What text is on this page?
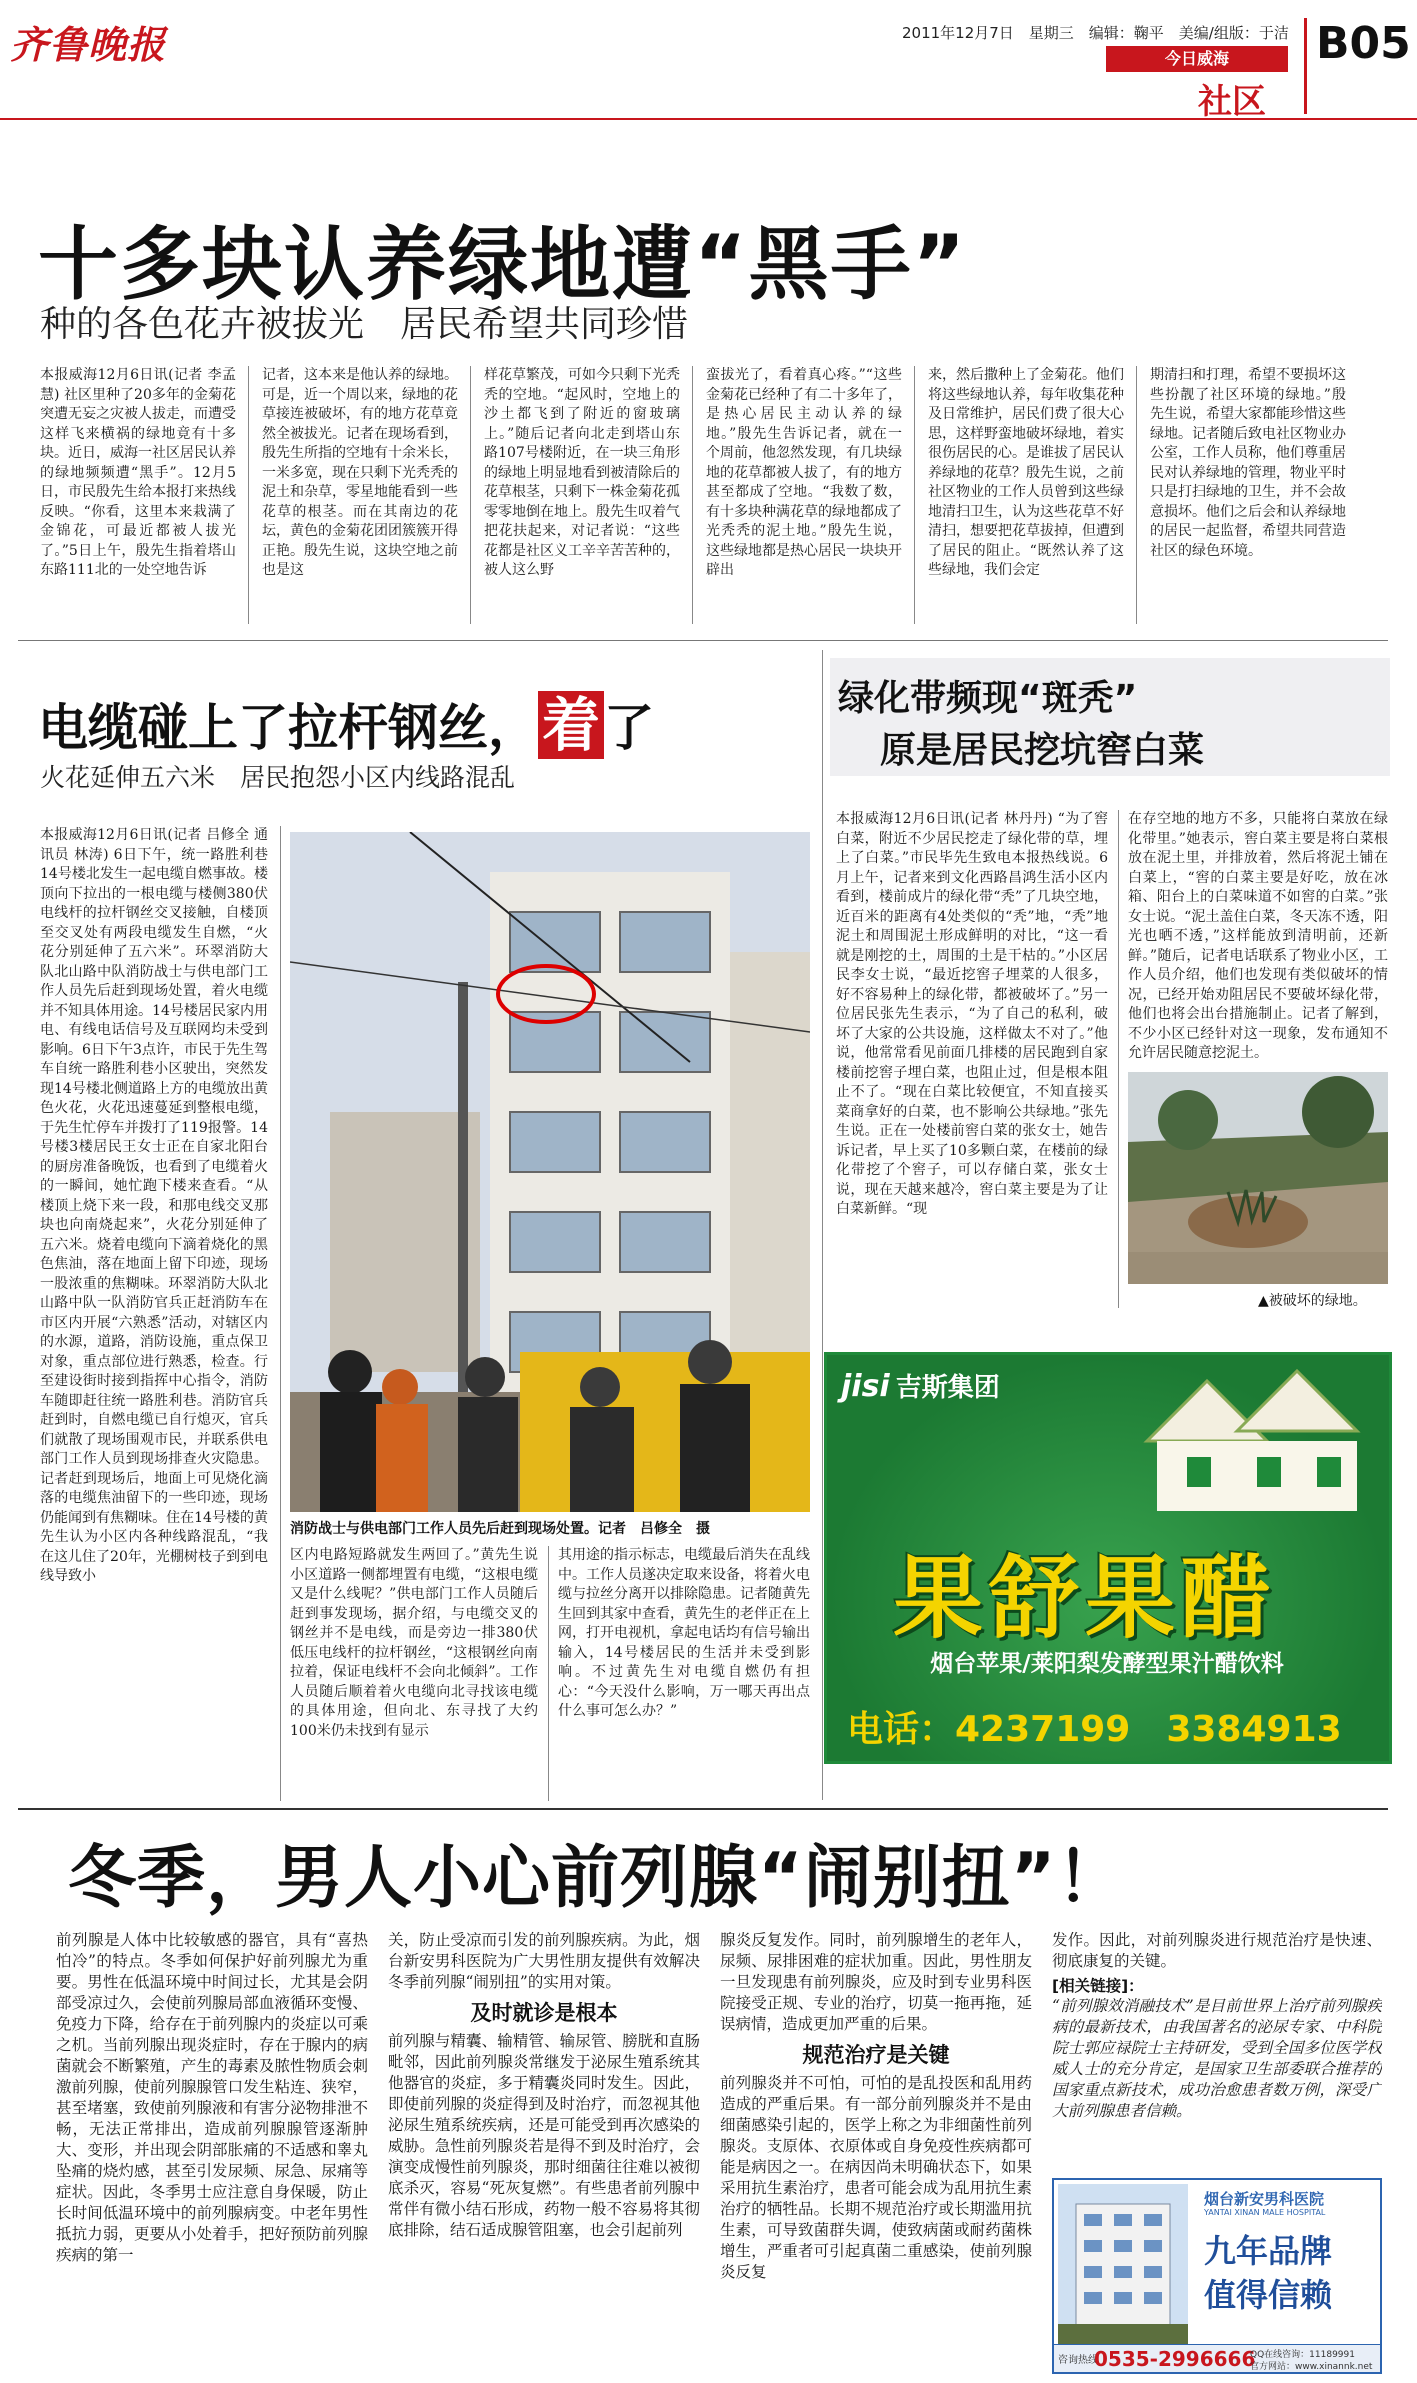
齐鲁晚报	2011年12月7日　星期三　编辑：鞠平　美编/组版：于洁
今日威海
社区
B05
十多块认养绿地遭“黑手”
种的各色花卉被拔光　居民希望共同珍惜
本报威海12月6日讯(记者 李孟慧) 社区里种了20多年的金菊花突遭无妄之灾被人拔走，而遭受这样飞来横祸的绿地竟有十多块。近日，威海一社区居民认养的绿地频频遭“黑手”。12月5日，市民殷先生给本报打来热线反映。“你看，这里本来栽满了金锦花，可最近都被人拔光了。”5日上午，殷先生指着塔山东路111北的一处空地告诉
记者，这本来是他认养的绿地。可是，近一个周以来，绿地的花草接连被破坏，有的地方花草竟然全被拔光。记者在现场看到，殷先生所指的空地有十余米长，一米多宽，现在只剩下光秃秃的泥土和杂草，零星地能看到一些花草的根茎。而在其南边的花坛，黄色的金菊花团团簇簇开得正艳。殷先生说，这块空地之前也是这
样花草繁茂，可如今只剩下光秃秃的空地。“起风时，空地上的沙土都飞到了附近的窗玻璃上。”随后记者向北走到塔山东路107号楼附近，在一块三角形的绿地上明显地看到被清除后的花草根茎，只剩下一株金菊花孤零零地倒在地上。殷先生叹着气把花扶起来，对记者说：“这些花都是社区义工辛辛苦苦种的，被人这么野
蛮拔光了，看着真心疼。”“这些金菊花已经种了有二十多年了，是热心居民主动认养的绿地。”殷先生告诉记者，就在一个周前，他忽然发现，有几块绿地的花草都被人拔了，有的地方甚至都成了空地。“我数了数，有十多块种满花草的绿地都成了光秃秃的泥土地。”殷先生说，这些绿地都是热心居民一块块开辟出
来，然后撒种上了金菊花。他们将这些绿地认养，每年收集花种及日常维护，居民们费了很大心思，这样野蛮地破坏绿地，着实很伤居民的心。是谁拔了居民认养绿地的花草？殷先生说，之前社区物业的工作人员曾到这些绿地清扫卫生，认为这些花草不好清扫，想要把花草拔掉，但遭到了居民的阻止。“既然认养了这些绿地，我们会定
期清扫和打理，希望不要损坏这些扮靓了社区环境的绿地。”殷先生说，希望大家都能珍惜这些绿地。记者随后致电社区物业办公室，工作人员称，他们尊重居民对认养绿地的管理，物业平时只是打扫绿地的卫生，并不会故意损坏。他们之后会和认养绿地的居民一起监督，希望共同营造社区的绿色环境。
电缆碰上了拉杆钢丝，着了
火花延伸五六米　居民抱怨小区内线路混乱
本报威海12月6日讯(记者 吕修全 通讯员 林涛) 6日下午，统一路胜利巷14号楼北发生一起电缆自燃事故。楼顶向下拉出的一根电缆与楼侧380伏电线杆的拉杆钢丝交叉接触，自楼顶至交叉处有两段电缆发生自燃，“火花分别延伸了五六米”。环翠消防大队北山路中队消防战士与供电部门工作人员先后赶到现场处置，着火电缆并不知具体用途。14号楼居民家内用电、有线电话信号及互联网均未受到影响。6日下午3点许，市民于先生驾车自统一路胜利巷小区驶出，突然发现14号楼北侧道路上方的电缆放出黄色火花，火花迅速蔓延到整根电缆，于先生忙停车并拨打了119报警。14号楼3楼居民王女士正在自家北阳台的厨房准备晚饭，也看到了电缆着火的一瞬间，她忙跑下楼来查看。“从楼顶上烧下来一段，和那电线交叉那块也向南烧起来”，火花分别延伸了五六米。烧着电缆向下滴着烧化的黑色焦油，落在地面上留下印迹，现场一股浓重的焦糊味。环翠消防大队北山路中队一队消防官兵正赶消防车在市区内开展“六熟悉”活动，对辖区内的水源，道路，消防设施，重点保卫对象，重点部位进行熟悉，检查。行至建设街时接到指挥中心指令，消防车随即赶往统一路胜利巷。消防官兵赶到时，自燃电缆已自行熄灭，官兵们就散了现场围观市民，并联系供电部门工作人员到现场排查火灾隐患。记者赶到现场后，地面上可见烧化滴落的电缆焦油留下的一些印迹，现场仍能闻到有焦糊味。住在14号楼的黄先生认为小区内各种线路混乱，“我在这儿住了20年，光棚树枝子到到电线导致小
消防战士与供电部门工作人员先后赶到现场处置。记者　吕修全　摄
区内电路短路就发生两回了。”黄先生说小区道路一侧都埋置有电缆，“这根电缆又是什么线呢？”供电部门工作人员随后赶到事发现场，据介绍，与电缆交叉的钢丝并不是电线，而是旁边一排380伏低压电线杆的拉杆钢丝，“这根钢丝向南拉着，保证电线杆不会向北倾斜”。工作人员随后顺着着火电缆向北寻找该电缆的具体用途，但向北、东寻找了大约100米仍未找到有显示
其用途的指示标志，电缆最后消失在乱线中。工作人员遂决定取来设备，将着火电缆与拉丝分离开以排除隐患。记者随黄先生回到其家中查看，黄先生的老伴正在上网，打开电视机，拿起电话均有信号输出输入，14号楼居民的生活并未受到影响。不过黄先生对电缆自燃仍有担心：“今天没什么影响，万一哪天再出点什么事可怎么办？”
绿化带频现“斑秃”
原是居民挖坑窖白菜
本报威海12月6日讯(记者 林丹丹) “为了窖白菜，附近不少居民挖走了绿化带的草，埋上了白菜。”市民毕先生致电本报热线说。6月上午，记者来到文化西路昌鸿生活小区内看到，楼前成片的绿化带“秃”了几块空地，近百米的距离有4处类似的“秃”地，“秃”地泥土和周围泥土形成鲜明的对比，“这一看就是刚挖的土，周围的土是干枯的。”小区居民李女士说，“最近挖窖子埋菜的人很多，好不容易种上的绿化带，都被破坏了。”另一位居民张先生表示，“为了自己的私利，破坏了大家的公共设施，这样做太不对了。”他说，他常常看见前面几排楼的居民跑到自家楼前挖窖子埋白菜，也阻止过，但是根本阻止不了。“现在白菜比较便宜，不知直接买菜商拿好的白菜，也不影响公共绿地。”张先生说。正在一处楼前窖白菜的张女士，她告诉记者，早上买了10多颗白菜，在楼前的绿化带挖了个窖子，可以存储白菜，张女士说，现在天越来越冷，窖白菜主要是为了让白菜新鲜。“现
在存空地的地方不多，只能将白菜放在绿化带里。”她表示，窖白菜主要是将白菜根放在泥土里，并排放着，然后将泥土铺在白菜上，“窖的白菜主要是好吃，放在冰箱、阳台上的白菜味道不如窖的白菜。”张女士说。“泥土盖住白菜，冬天冻不透，阳光也晒不透，”这样能放到清明前，还新鲜。”随后，记者电话联系了物业小区，工作人员介绍，他们也发现有类似破坏的情况，已经开始劝阻居民不要破坏绿化带，他们也将会出台措施制止。记者了解到，不少小区已经针对这一现象，发布通知不允许居民随意挖泥土。
▲被破坏的绿地。
jisi 吉斯集团
果舒果醋
烟台苹果/莱阳梨发酵型果汁醋饮料
电话：4237199　3384913
冬季，男人小心前列腺“闹别扭”！
前列腺是人体中比较敏感的器官，具有“喜热怕冷”的特点。冬季如何保护好前列腺尤为重要。男性在低温环境中时间过长，尤其是会阴部受凉过久，会使前列腺局部血液循环变慢、免疫力下降，给存在于前列腺内的炎症以可乘之机。当前列腺出现炎症时，存在于腺内的病菌就会不断繁殖，产生的毒素及脓性物质会刺激前列腺，使前列腺腺管口发生粘连、狭窄，甚至堵塞，致使前列腺液和有害分泌物排泄不畅，无法正常排出，造成前列腺腺管逐渐肿大、变形，并出现会阴部胀痛的不适感和睾丸坠痛的烧灼感，甚至引发尿频、尿急、尿痛等症状。因此，冬季男士应注意自身保暖，防止长时间低温环境中的前列腺病变。中老年男性抵抗力弱，更要从小处着手，把好预防前列腺疾病的第一
关，防止受凉而引发的前列腺疾病。为此，烟台新安男科医院为广大男性朋友提供有效解决冬季前列腺“闹别扭”的实用对策。
及时就诊是根本
前列腺与精囊、输精管、输尿管、膀胱和直肠毗邻，因此前列腺炎常继发于泌尿生殖系统其他器官的炎症，多于精囊炎同时发生。因此，即使前列腺的炎症得到及时治疗，而忽视其他泌尿生殖系统疾病，还是可能受到再次感染的威胁。急性前列腺炎若是得不到及时治疗，会演变成慢性前列腺炎，那时细菌往往难以被彻底杀灭，容易“死灰复燃”。有些患者前列腺中常伴有微小结石形成，药物一般不容易将其彻底排除，结石适成腺管阻塞，也会引起前列
腺炎反复发作。同时，前列腺增生的老年人，尿频、尿排困难的症状加重。因此，男性朋友一旦发现患有前列腺炎，应及时到专业男科医院接受正规、专业的治疗，切莫一拖再拖，延误病情，造成更加严重的后果。
规范治疗是关键
前列腺炎并不可怕，可怕的是乱投医和乱用药造成的严重后果。有一部分前列腺炎并不是由细菌感染引起的，医学上称之为非细菌性前列腺炎。支原体、衣原体或自身免疫性疾病都可能是病因之一。在病因尚未明确状态下，如果采用抗生素治疗，患者可能会成为乱用抗生素治疗的牺牲品。长期不规范治疗或长期滥用抗生素，可导致菌群失调，使致病菌或耐药菌株增生，严重者可引起真菌二重感染，使前列腺炎反复
发作。因此，对前列腺炎进行规范治疗是快速、彻底康复的关键。
[相关链接]：
“前列腺效消融技术”是目前世界上治疗前列腺疾病的最新技术，由我国著名的泌尿专家、中科院院士郭应禄院士主持研发，受到全国多位医学权威人士的充分肯定，是国家卫生部委联合推荐的国家重点新技术，成功治愈患者数万例，深受广大前列腺患者信赖。
烟台新安男科医院
YANTAI XINAN MALE HOSPITAL
九年品牌
值得信赖
咨询热线
0535-2996666
QQ在线咨询：11189991
官方网站：www.xinannk.net
